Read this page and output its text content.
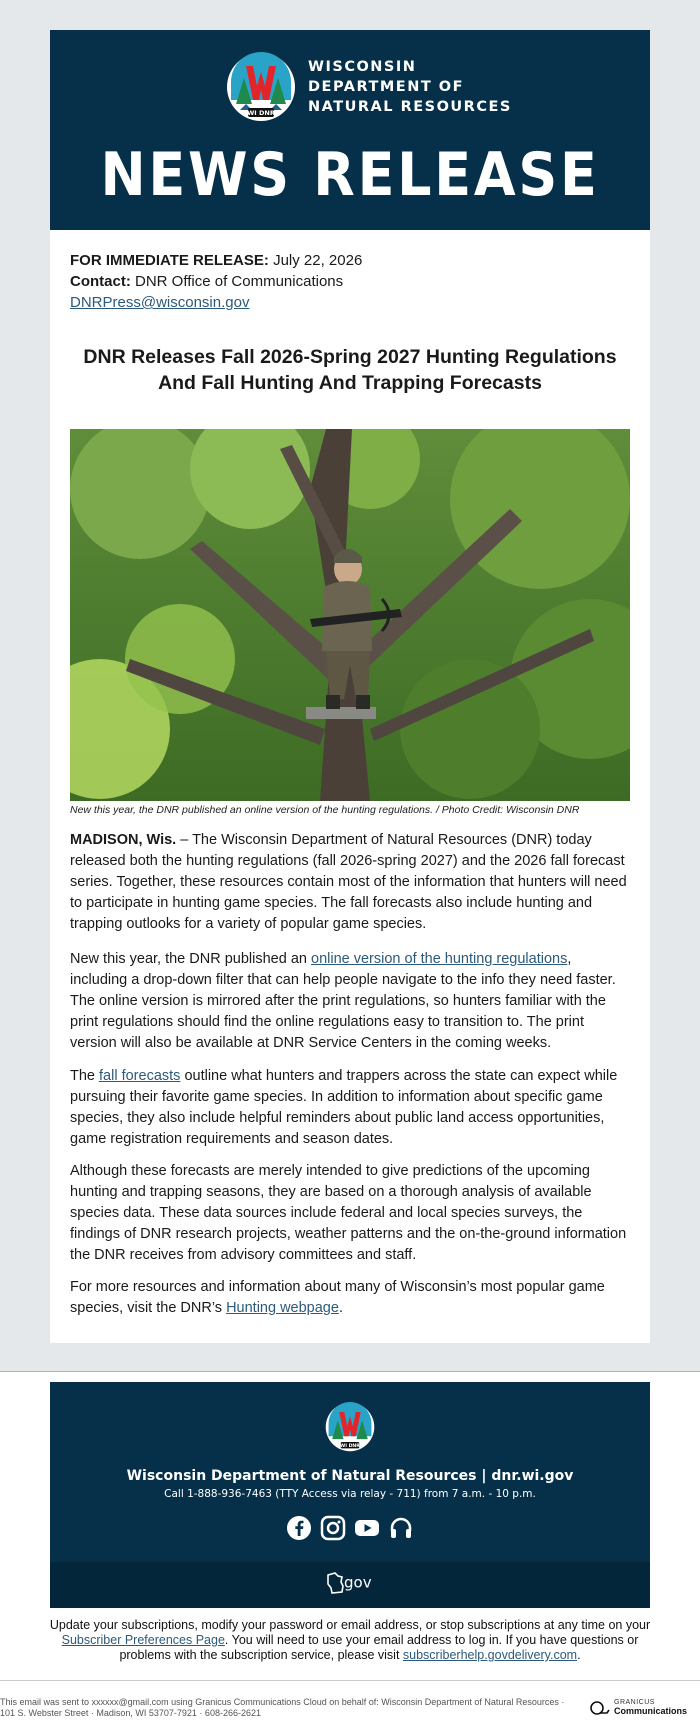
WI DNR
WISCONSIN
DEPARTMENT OF
NATURAL RESOURCES
NEWS RELEASE
FOR IMMEDIATE RELEASE: July 22, 2026
Contact: DNR Office of Communications
DNRPress@wisconsin.gov
DNR Releases Fall 2026-Spring 2027 Hunting Regulations And Fall Hunting And Trapping Forecasts
New this year, the DNR published an online version of the hunting regulations. / Photo Credit: Wisconsin DNR

MADISON, Wis. – The Wisconsin Department of Natural Resources (DNR) today released both the hunting regulations (fall 2026-spring 2027) and the 2026 fall forecast series. Together, these resources contain most of the information that hunters will need to participate in hunting game species. The fall forecasts also include hunting and trapping outlooks for a variety of popular game species.

New this year, the DNR published an online version of the hunting regulations, including a drop-down filter that can help people navigate to the info they need faster. The online version is mirrored after the print regulations, so hunters familiar with the print regulations should find the online regulations easy to transition to. The print version will also be available at DNR Service Centers in the coming weeks.

The fall forecasts outline what hunters and trappers across the state can expect while pursuing their favorite game species. In addition to information about specific game species, they also include helpful reminders about public land access opportunities, game registration requirements and season dates.

Although these forecasts are merely intended to give predictions of the upcoming hunting and trapping seasons, they are based on a thorough analysis of available species data. These data sources include federal and local species surveys, the findings of DNR research projects, weather patterns and the on-the-ground information the DNR receives from advisory committees and staff.

For more resources and information about many of Wisconsin’s most popular game species, visit the DNR’s Hunting webpage.

WI DNR
Wisconsin Department of Natural Resources | dnr.wi.gov
Call 1-888-936-7463 (TTY Access via relay - 711) from 7 a.m. - 10 p.m.
gov
Update your subscriptions, modify your password or email address, or stop subscriptions at any time on your Subscriber Preferences Page. You will need to use your email address to log in. If you have questions or problems with the subscription service, please visit subscriberhelp.govdelivery.com.
This email was sent to xxxxxx@gmail.com using Granicus Communications Cloud on behalf of: Wisconsin Department of Natural Resources · 101 S. Webster Street · Madison, WI 53707-7921 · 608-266-2621
GRANICUS
Communications
